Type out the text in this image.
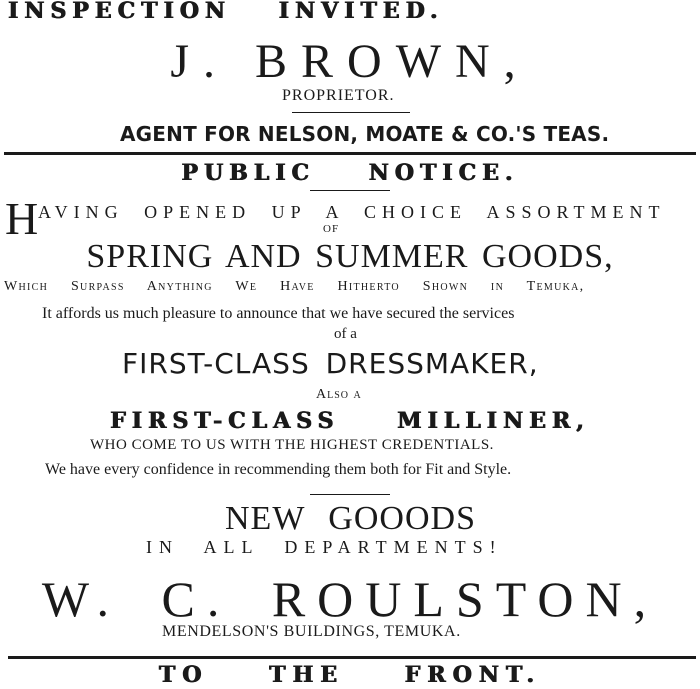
INSPECTION INVITED.
J. BROWN,
PROPRIETOR.
AGENT FOR NELSON, MOATE & CO.'S TEAS.
PUBLIC NOTICE.
H AVING OPENED UP A CHOICE ASSORTMENT
OF
SPRING AND SUMMER GOODS,
Which Surpass Anything We Have Hitherto Shown in Temuka,
It affords us much pleasure to announce that we have secured the services
of a
FIRST-CLASS DRESSMAKER,
Also a
FIRST-CLASS MILLINER,
WHO COME TO US WITH THE HIGHEST CREDENTIALS.
We have every confidence in recommending them both for Fit and Style.
NEW GOOODS
IN ALL DEPARTMENTS!
W. C. ROULSTON,
MENDELSON'S BUILDINGS, TEMUKA.
TO THE FRONT.
